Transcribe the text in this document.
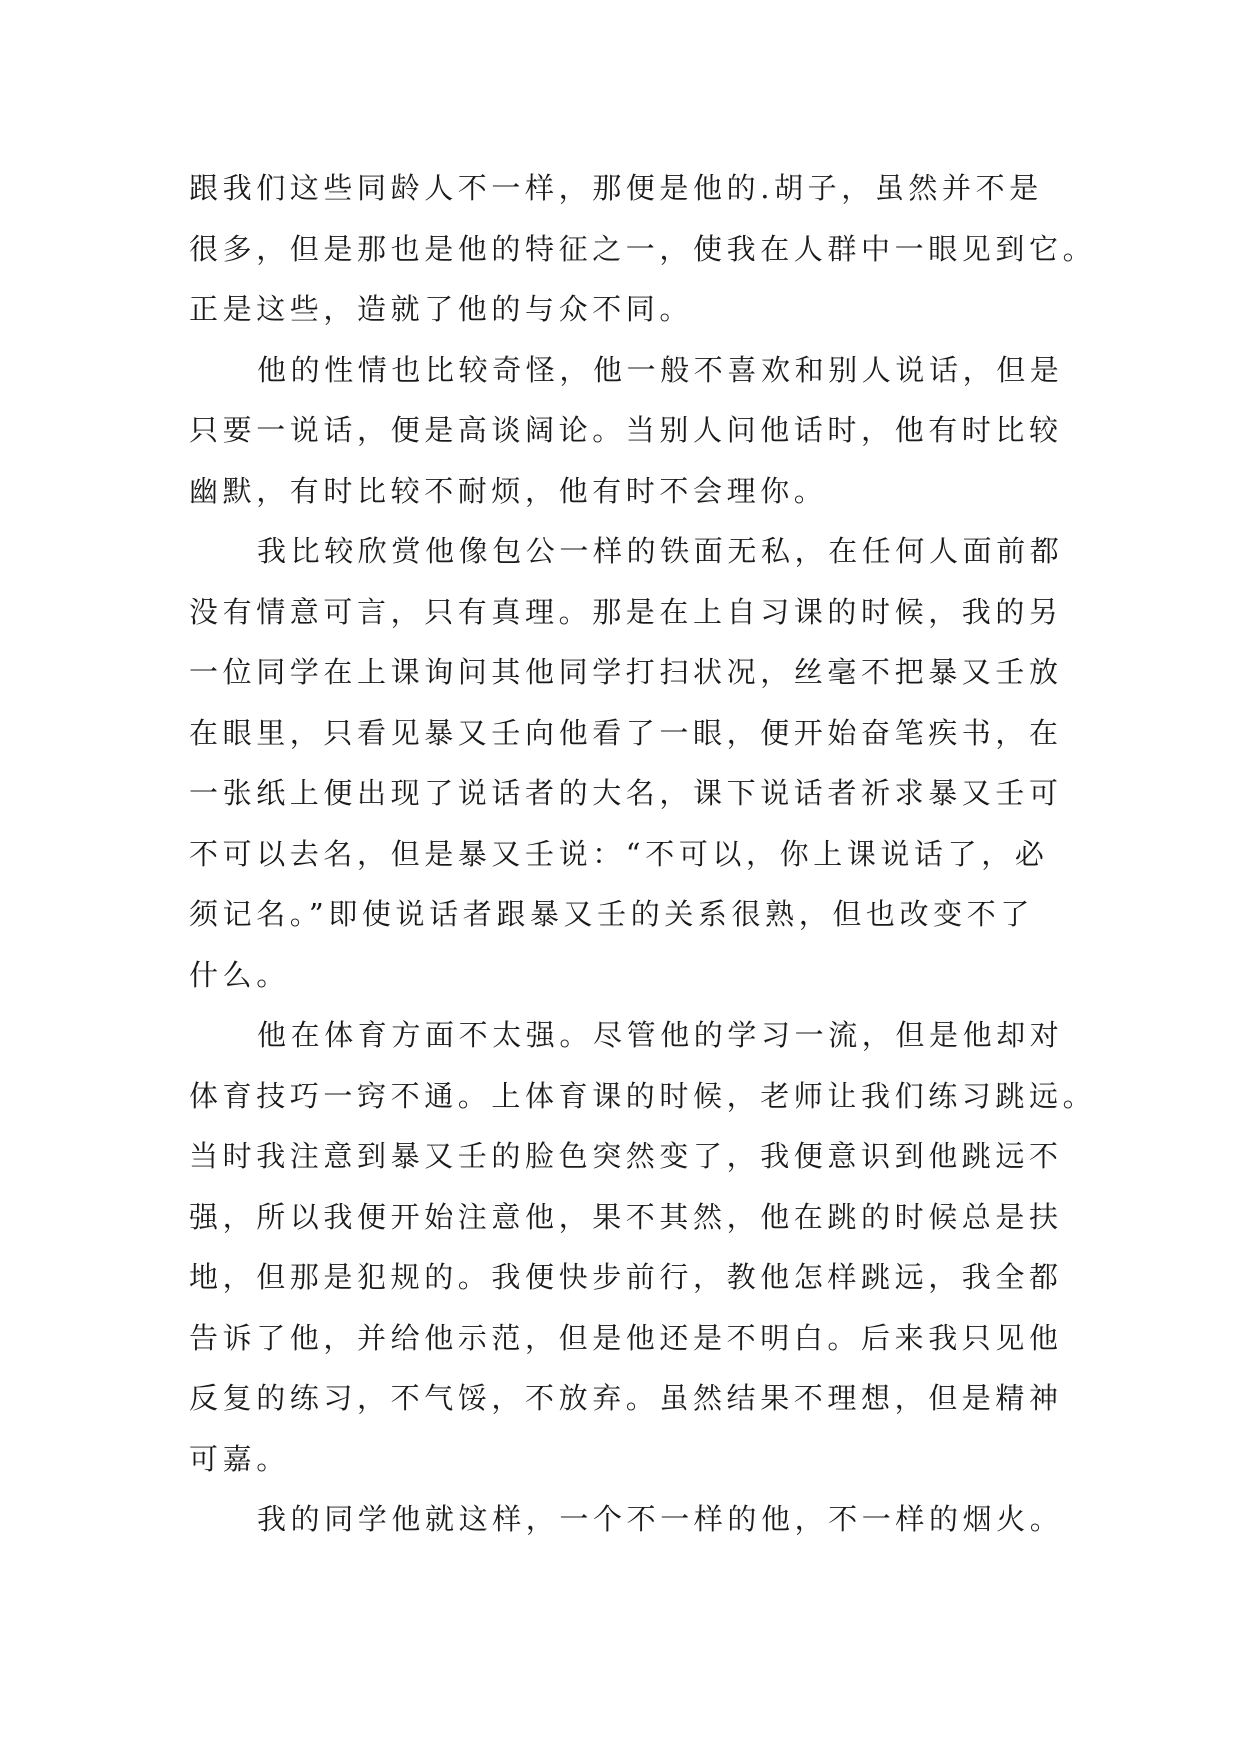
跟我们这些同龄人不一样，那便是他的.胡子，虽然并不是
很多，但是那也是他的特征之一，使我在人群中一眼见到它。
正是这些，造就了他的与众不同。
他的性情也比较奇怪，他一般不喜欢和别人说话，但是
只要一说话，便是高谈阔论。当别人问他话时，他有时比较
幽默，有时比较不耐烦，他有时不会理你。
我比较欣赏他像包公一样的铁面无私，在任何人面前都
没有情意可言，只有真理。那是在上自习课的时候，我的另
一位同学在上课询问其他同学打扫状况，丝毫不把暴又壬放
在眼里，只看见暴又壬向他看了一眼，便开始奋笔疾书，在
一张纸上便出现了说话者的大名，课下说话者祈求暴又壬可
不可以去名，但是暴又壬说：“不可以，你上课说话了，必
须记名。”即使说话者跟暴又壬的关系很熟，但也改变不了
什么。
他在体育方面不太强。尽管他的学习一流，但是他却对
体育技巧一窍不通。上体育课的时候，老师让我们练习跳远。
当时我注意到暴又壬的脸色突然变了，我便意识到他跳远不
强，所以我便开始注意他，果不其然，他在跳的时候总是扶
地，但那是犯规的。我便快步前行，教他怎样跳远，我全都
告诉了他，并给他示范，但是他还是不明白。后来我只见他
反复的练习，不气馁，不放弃。虽然结果不理想，但是精神
可嘉。
我的同学他就这样，一个不一样的他，不一样的烟火。
